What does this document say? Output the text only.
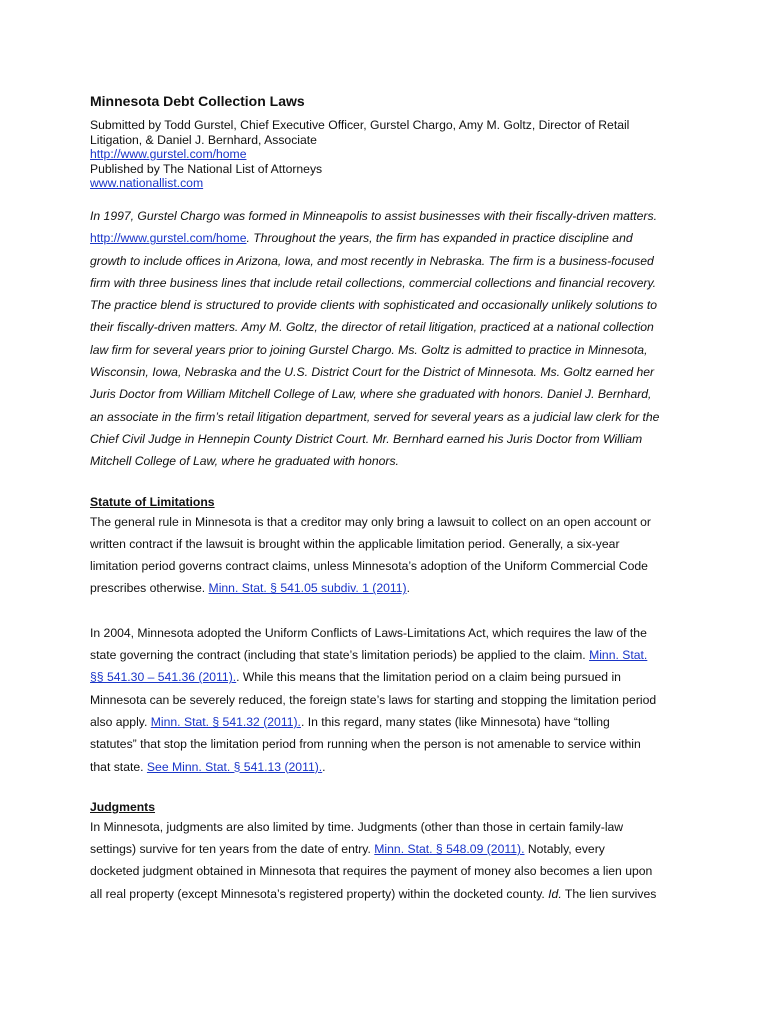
Minnesota Debt Collection Laws
Submitted by Todd Gurstel, Chief Executive Officer, Gurstel Chargo, Amy M. Goltz, Director of Retail
Litigation, & Daniel J. Bernhard, Associate
http://www.gurstel.com/home
Published by The National List of Attorneys
www.nationallist.com
In 1997, Gurstel Chargo was formed in Minneapolis to assist businesses with their fiscally-driven matters.
http://www.gurstel.com/home. Throughout the years, the firm has expanded in practice discipline and
growth to include offices in Arizona, Iowa, and most recently in Nebraska. The firm is a business-focused
firm with three business lines that include retail collections, commercial collections and financial recovery.
The practice blend is structured to provide clients with sophisticated and occasionally unlikely solutions to
their fiscally-driven matters. Amy M. Goltz, the director of retail litigation, practiced at a national collection
law firm for several years prior to joining Gurstel Chargo. Ms. Goltz is admitted to practice in Minnesota,
Wisconsin, Iowa, Nebraska and the U.S. District Court for the District of Minnesota. Ms. Goltz earned her
Juris Doctor from William Mitchell College of Law, where she graduated with honors. Daniel J. Bernhard,
an associate in the firm’s retail litigation department, served for several years as a judicial law clerk for the
Chief Civil Judge in Hennepin County District Court. Mr. Bernhard earned his Juris Doctor from William
Mitchell College of Law, where he graduated with honors.
Statute of Limitations
The general rule in Minnesota is that a creditor may only bring a lawsuit to collect on an open account or
written contract if the lawsuit is brought within the applicable limitation period. Generally, a six-year
limitation period governs contract claims, unless Minnesota’s adoption of the Uniform Commercial Code
prescribes otherwise. Minn. Stat. § 541.05 subdiv. 1 (2011).
In 2004, Minnesota adopted the Uniform Conflicts of Laws-Limitations Act, which requires the law of the
state governing the contract (including that state’s limitation periods) be applied to the claim. Minn. Stat.
§§ 541.30 – 541.36 (2011).. While this means that the limitation period on a claim being pursued in
Minnesota can be severely reduced, the foreign state’s laws for starting and stopping the limitation period
also apply. Minn. Stat. § 541.32 (2011).. In this regard, many states (like Minnesota) have “tolling
statutes” that stop the limitation period from running when the person is not amenable to service within
that state. See Minn. Stat. § 541.13 (2011)..
Judgments
In Minnesota, judgments are also limited by time. Judgments (other than those in certain family-law
settings) survive for ten years from the date of entry. Minn. Stat. § 548.09 (2011). Notably, every
docketed judgment obtained in Minnesota that requires the payment of money also becomes a lien upon
all real property (except Minnesota’s registered property) within the docketed county. Id. The lien survives
